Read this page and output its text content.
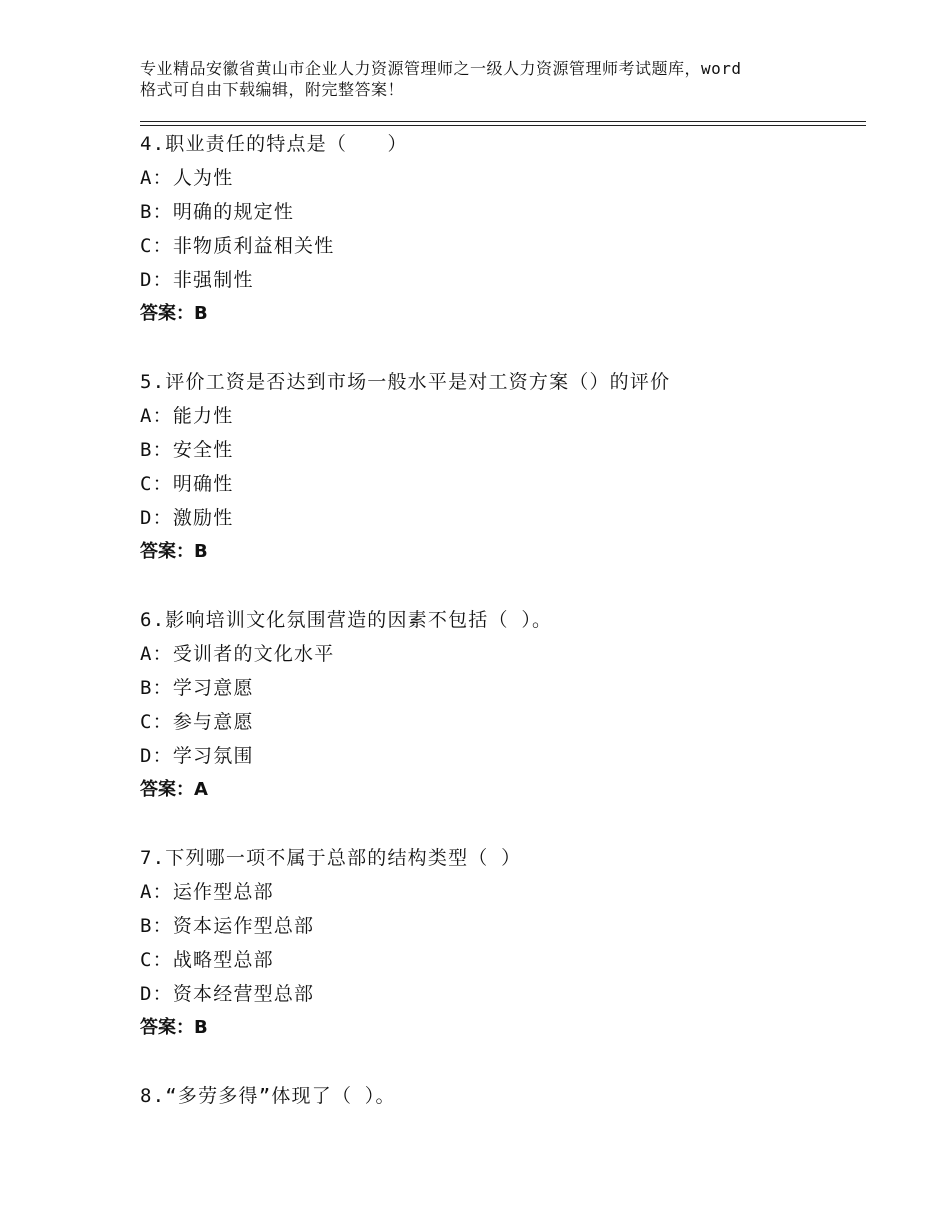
专业精品安徽省黄山市企业人力资源管理师之一级人力资源管理师考试题库，word
格式可自由下载编辑，附完整答案！
4.职业责任的特点是（　　）
A：人为性
B：明确的规定性
C：非物质利益相关性
D：非强制性
答案：B
5.评价工资是否达到市场一般水平是对工资方案（）的评价
A：能力性
B：安全性
C：明确性
D：激励性
答案：B
6.影响培训文化氛围营造的因素不包括（ ）。
A：受训者的文化水平
B：学习意愿
C：参与意愿
D：学习氛围
答案：A
7.下列哪一项不属于总部的结构类型（ ）
A：运作型总部
B：资本运作型总部
C：战略型总部
D：资本经营型总部
答案：B
8.“多劳多得”体现了（ ）。
